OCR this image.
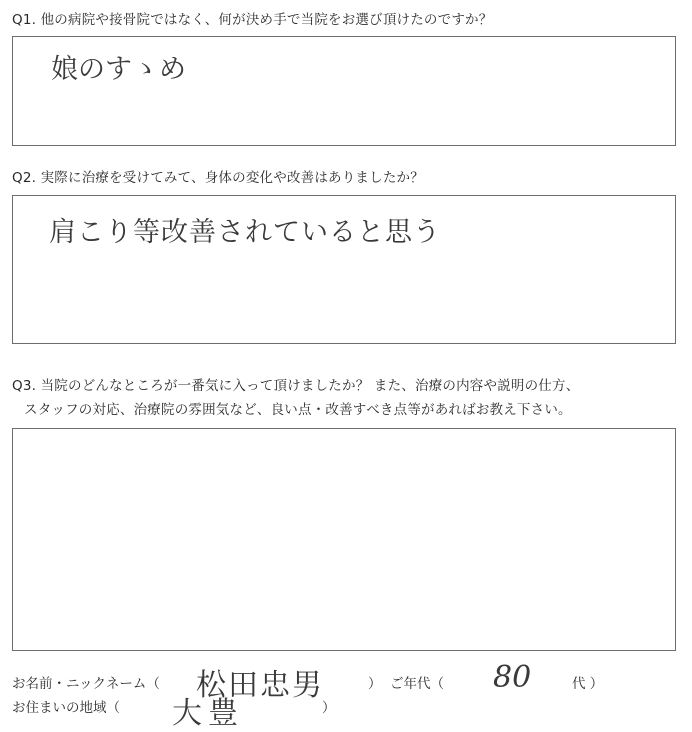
Q1. 他の病院や接骨院ではなく、何が決め手で当院をお選び頂けたのですか？
娘のすゝめ
Q2. 実際に治療を受けてみて、身体の変化や改善はありましたか？
肩こり等改善されていると思う
Q3. 当院のどんなところが一番気に入って頂けましたか？ また、治療の内容や説明の仕方、
スタッフの対応、治療院の雰囲気など、良い点・改善すべき点等があればお教え下さい。
お名前・ニックネーム（ 松田忠男	） ご年代（ 80	代 ）
お住まいの地域（ 大豊	）
